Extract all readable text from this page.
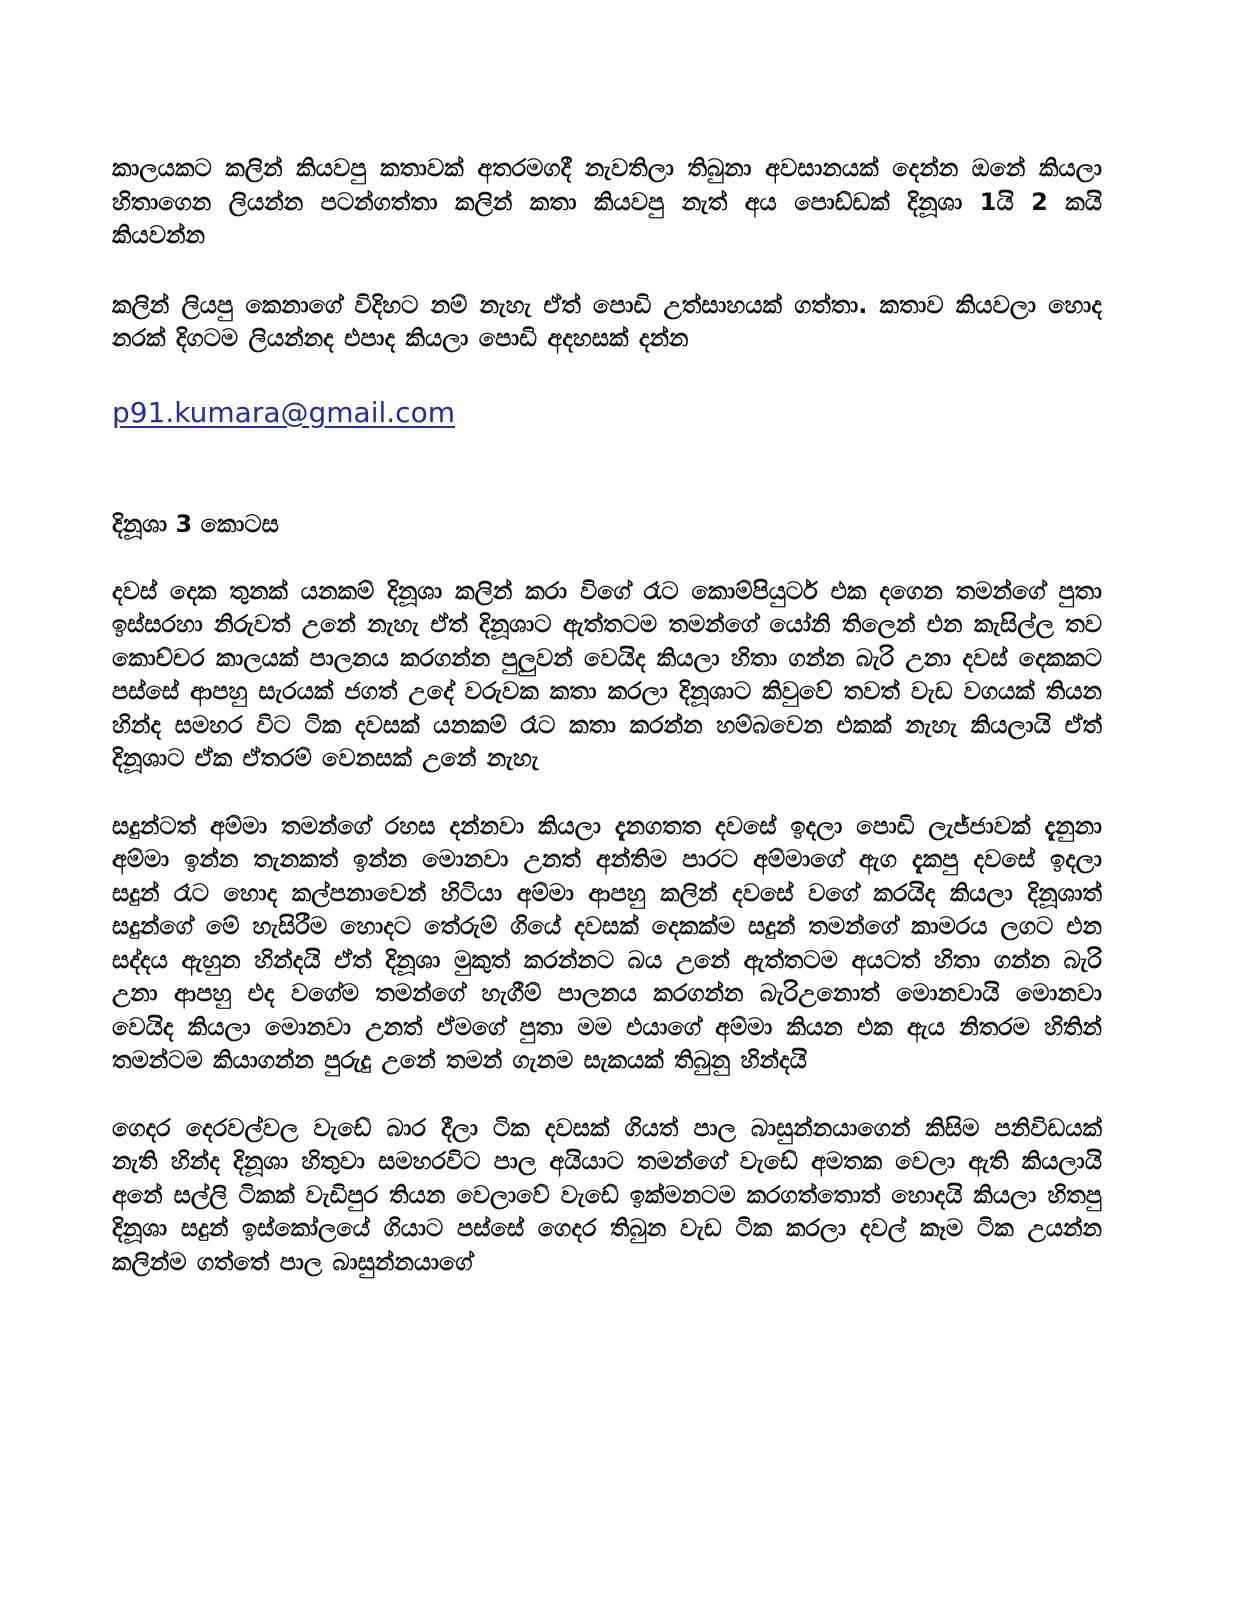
කාලයකට කලින් කියවපු කතාවක් අතරමගදී නැවතිලා තිබුනා අවසානයක් දෙන්න ඔනේ කියලා හිතාගෙන ලියන්න පටන්ගත්තා කලින් කතා කියවපු නැත් අය පොඩ්ඩක් දිනූශා 1යි 2 කයි කියවන්න

කලින් ලියපු කෙනාගේ විදිහට නම් නැහැ ඒත් පොඩි උත්සාහයක් ගත්තා. කතාව කියවලා හොද නරක් දිගටම ලියන්නද එපාද කියලා පොඩි අදහසක් දන්න

p91.kumara@gmail.com

දිනූශා 3 කොටස

දවස් දෙක තුනක් යනකම් දිනූශා කලින් කරා විගේ රෑට කොම්පියුටර් එක දගෙන තමන්ගේ පුතා ඉස්සරහා නිරුවත් උනේ නැහැ ඒත් දිනූශාට ඇත්තටම තමන්ගේ යෝනි තිලෙන් එන කැසිල්ල තව කොච්චර කාලයක් පාලනය කරගන්න පුලුවන් වෙයිද කියලා හිතා ගන්න බැරි උනා දවස් දෙකකට පස්සේ ආපහු සැරයක් ජගත් උදේ වරුවක කතා කරලා දිනූශාට කිවුවේ තවත් වැඩ වගයක් තියන හින්ද සමහර විට ටික දවසක් යනකම් රෑට කතා කරන්න හම්බවෙන එකක් නැහැ කියලායි ඒත් දිනූශාට ඒක ඒතරම් වෙනසක් උනේ නැහැ

සදුන්ටත් අම්මා තමන්ගේ රහස දන්නවා කියලා දැනගතත දවසේ ඉදලා පොඩි ලැජ්ජාවක් දැනුනා අම්මා ඉන්න තැනකත් ඉන්න මොනවා උනත් අන්තිම පාරට අම්මාගේ ඇග දැකපු දවසේ ඉදලා සදුන් රෑට හොද කල්පනාවෙන් හිටියා අම්මා ආපහු කලින් දවසේ වගේ කරයිද කියලා දිනූශාත් සදුන්ගේ මේ හැසිරීම හොදට තේරුම් ගියේ දවසක් දෙකක්ම සදුන් තමන්ගේ කාමරය ලගට එන සද්දය ඇහුන හින්දයි ඒත් දිනූශා මුකුත් කරන්නට බය උනේ ඇත්තටම අයටත් හිතා ගන්න බැරි උනා ආපහු එද වගේම තමන්ගේ හැගීම් පාලනය කරගන්න බැරිඋනොත් මොනවායි මොනවා වෙයිද කියලා මොනවා උනත් ඒමගේ පුතා මම එයාගේ අම්මා කියන එක ඇය නිතරම හිතින් තමන්ටම කියාගන්න පුරුදු උනේ තමන් ගැනම සැකයක් තිබුනු හින්දයි

ගෙදර දෙරවල්වල වැඩේ බාර දීලා ටික දවසක් ගියත් පාල බාසුන්නයාගෙන් කිසිම පනිවිඩයක් නැති හින්ද දිනූශා හිතුවා සමහරවිට පාල අයියාට තමන්ගේ වැඩේ අමතක වෙලා ඇති කියලායි අනේ සල්ලි ටිකක් වැඩිපුර තියන වෙලාවේ වැඩේ ඉක්මනටම කරගත්තොත් හොදයි කියලා හිතපු දිනූශා සදුන් ඉස්කෝලයේ ගියාට පස්සේ ගෙදර තිබුන වැඩ ටික කරලා දවල් කෑම ටික උයන්න කලින්ම ගත්තේ පාල බාසුන්නයාගේ
